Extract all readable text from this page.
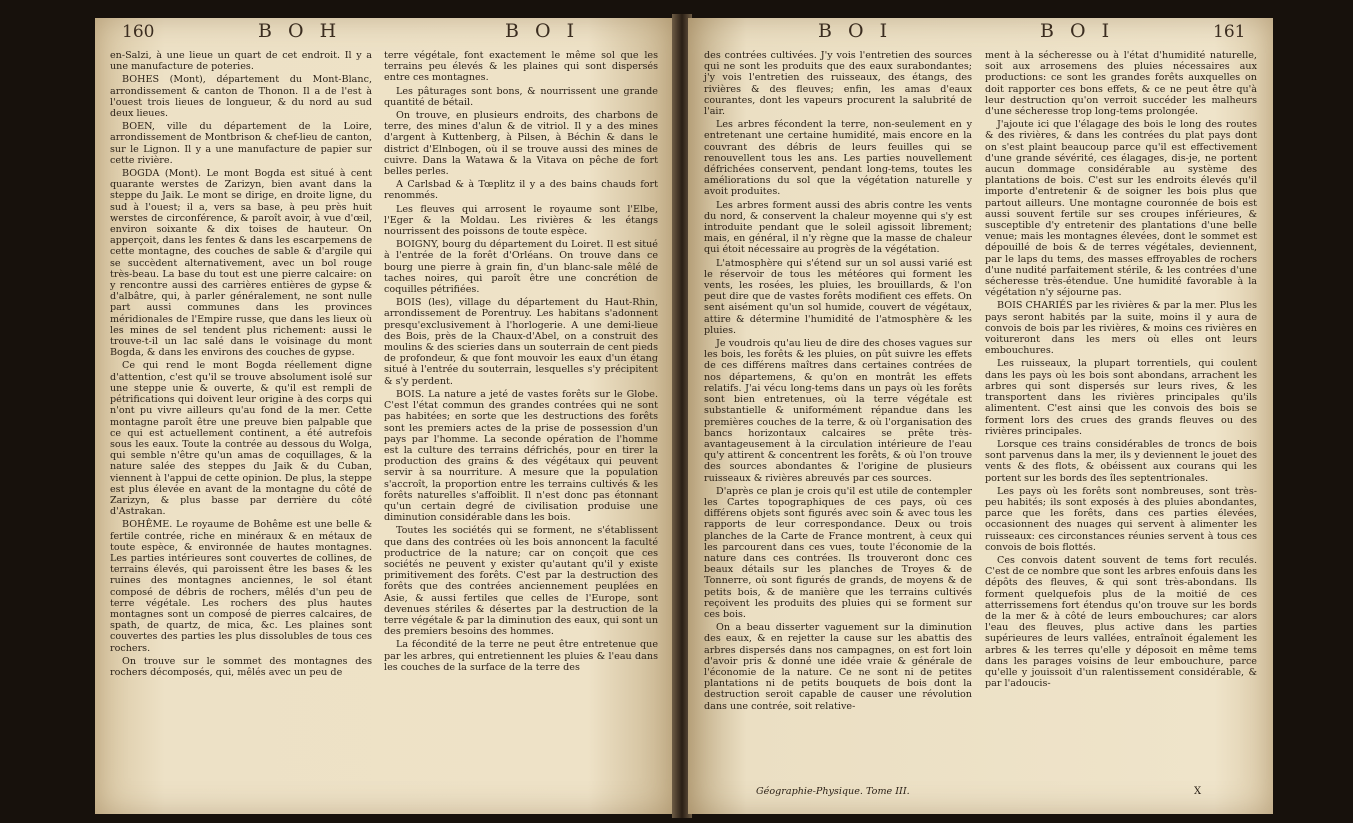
160	B O H	B O I	B O I	B O I	161

en-Salzi, à une lieue un quart de cet endroit. Il y a une manufacture de poteries.

BOHES (Mont), département du Mont-Blanc, arrondissement & canton de Thonon. Il a de l'est à l'ouest trois lieues de longueur, & du nord au sud deux lieues.

BOEN, ville du département de la Loire, arrondissement de Montbrison & chef-lieu de canton, sur le Lignon. Il y a une manufacture de papier sur cette rivière.

BOGDA (Mont). Le mont Bogda est situé à cent quarante werstes de Zarizyn, bien avant dans la steppe du Jaik. Le mont se dirige, en droite ligne, du sud à l'ouest; il a, vers sa base, à peu près huit werstes de circonférence, & paroît avoir, à vue d'œil, environ soixante & dix toises de hauteur. On apperçoit, dans les fentes & dans les escarpemens de cette montagne, des couches de sable & d'argile qui se succèdent alternativement, avec un bol rouge très-beau. La base du tout est une pierre calcaire: on y rencontre aussi des carrières entières de gypse & d'albâtre, qui, à parler généralement, ne sont nulle part aussi communes dans les provinces méridionales de l'Empire russe, que dans les lieux où les mines de sel tendent plus richement: aussi le trouve-t-il un lac salé dans le voisinage du mont Bogda, & dans les environs des couches de gypse.

Ce qui rend le mont Bogda réellement digne d'attention, c'est qu'il se trouve absolument isolé sur une steppe unie & ouverte, & qu'il est rempli de pétrifications qui doivent leur origine à des corps qui n'ont pu vivre ailleurs qu'au fond de la mer. Cette montagne paroît être une preuve bien palpable que ce qui est actuellement continent, a été autrefois sous les eaux. Toute la contrée au dessous du Wolga, qui semble n'être qu'un amas de coquillages, & la nature salée des steppes du Jaik & du Cuban, viennent à l'appui de cette opinion. De plus, la steppe est plus élevée en avant de la montagne du côté de Zarizyn, & plus basse par derrière du côté d'Astrakan.

BOHÊME. Le royaume de Bohême est une belle & fertile contrée, riche en minéraux & en métaux de toute espèce, & environnée de hautes montagnes. Les parties intérieures sont couvertes de collines, de terrains élevés, qui paroissent être les bases & les ruines des montagnes anciennes, le sol étant composé de débris de rochers, mêlés d'un peu de terre végétale. Les rochers des plus hautes montagnes sont un composé de pierres calcaires, de spath, de quartz, de mica, &c. Les plaines sont couvertes des parties les plus dissolubles de tous ces rochers.

On trouve sur le sommet des montagnes des rochers décomposés, qui, mêlés avec un peu de

terre végétale, font exactement le même sol que les terrains peu élevés & les plaines qui sont dispersés entre ces montagnes.

Les pâturages sont bons, & nourrissent une grande quantité de bétail.

On trouve, en plusieurs endroits, des charbons de terre, des mines d'alun & de vitriol. Il y a des mines d'argent à Kuttenberg, à Pilsen, à Béchin & dans le district d'Elnbogen, où il se trouve aussi des mines de cuivre. Dans la Watawa & la Vitava on pêche de fort belles perles.

A Carlsbad & à Tœplitz il y a des bains chauds fort renommés.

Les fleuves qui arrosent le royaume sont l'Elbe, l'Eger & la Moldau. Les rivières & les étangs nourrissent des poissons de toute espèce.

BOIGNY, bourg du département du Loiret. Il est situé à l'entrée de la forêt d'Orléans. On trouve dans ce bourg une pierre à grain fin, d'un blanc-sale mêlé de taches noires, qui paroît être une concrétion de coquilles pétrifiées.

BOIS (les), village du département du Haut-Rhin, arrondissement de Porentruy. Les habitans s'adonnent presqu'exclusivement à l'horlogerie. A une demi-lieue des Bois, près de la Chaux-d'Abel, on a construit des moulins & des scieries dans un souterrain de cent pieds de profondeur, & que font mouvoir les eaux d'un étang situé à l'entrée du souterrain, lesquelles s'y précipitent & s'y perdent.

BOIS. La nature a jeté de vastes forêts sur le Globe. C'est l'état commun des grandes contrées qui ne sont pas habitées; en sorte que les destructions des forêts sont les premiers actes de la prise de possession d'un pays par l'homme. La seconde opération de l'homme est la culture des terrains défrichés, pour en tirer la production des grains & des végétaux qui peuvent servir à sa nourriture. A mesure que la population s'accroît, la proportion entre les terrains cultivés & les forêts naturelles s'affoiblit. Il n'est donc pas étonnant qu'un certain degré de civilisation produise une diminution considérable dans les bois.

Toutes les sociétés qui se forment, ne s'établissent que dans des contrées où les bois annoncent la faculté productrice de la nature; car on conçoit que ces sociétés ne peuvent y exister qu'autant qu'il y existe primitivement des forêts. C'est par la destruction des forêts que des contrées anciennement peuplées en Asie, & aussi fertiles que celles de l'Europe, sont devenues stériles & désertes par la destruction de la terre végétale & par la diminution des eaux, qui sont un des premiers besoins des hommes.

La fécondité de la terre ne peut être entretenue que par les arbres, qui entretiennent les pluies & l'eau dans les couches de la surface de la terre des

des contrées cultivées. J'y vois l'entretien des sources qui ne sont les produits que des eaux surabondantes; j'y vois l'entretien des ruisseaux, des étangs, des rivières & des fleuves; enfin, les amas d'eaux courantes, dont les vapeurs procurent la salubrité de l'air.

Les arbres fécondent la terre, non-seulement en y entretenant une certaine humidité, mais encore en la couvrant des débris de leurs feuilles qui se renouvellent tous les ans. Les parties nouvellement défrichées conservent, pendant long-tems, toutes les améliorations du sol que la végétation naturelle y avoit produites.

Les arbres forment aussi des abris contre les vents du nord, & conservent la chaleur moyenne qui s'y est introduite pendant que le soleil agissoit librement; mais, en général, il n'y règne que la masse de chaleur qui étoit nécessaire au progrès de la végétation.

L'atmosphère qui s'étend sur un sol aussi varié est le réservoir de tous les météores qui forment les vents, les rosées, les pluies, les brouillards, & l'on peut dire que de vastes forêts modifient ces effets. On sent aisément qu'un sol humide, couvert de végétaux, attire & détermine l'humidité de l'atmosphère & les pluies.

Je voudrois qu'au lieu de dire des choses vagues sur les bois, les forêts & les pluies, on pût suivre les effets de ces différens maîtres dans certaines contrées de nos départemens, & qu'on en montrât les effets relatifs. J'ai vécu long-tems dans un pays où les forêts sont bien entretenues, où la terre végétale est substantielle & uniformément répandue dans les premières couches de la terre, & où l'organisation des bancs horizontaux calcaires se prête très-avantageusement à la circulation intérieure de l'eau qu'y attirent & concentrent les forêts, & où l'on trouve des sources abondantes & l'origine de plusieurs ruisseaux & rivières abreuvés par ces sources.

D'après ce plan je crois qu'il est utile de contempler les Cartes topographiques de ces pays, où ces différens objets sont figurés avec soin & avec tous les rapports de leur correspondance. Deux ou trois planches de la Carte de France montrent, à ceux qui les parcourent dans ces vues, toute l'économie de la nature dans ces contrées. Ils trouveront donc ces beaux détails sur les planches de Troyes & de Tonnerre, où sont figurés de grands, de moyens & de petits bois, & de manière que les terrains cultivés reçoivent les produits des pluies qui se forment sur ces bois.

On a beau disserter vaguement sur la diminution des eaux, & en rejetter la cause sur les abattis des arbres dispersés dans nos campagnes, on est fort loin d'avoir pris & donné une idée vraie & générale de l'économie de la nature. Ce ne sont ni de petites plantations ni de petits bouquets de bois dont la destruction seroit capable de causer une révolution dans une contrée, soit relative-

ment à la sécheresse ou à l'état d'humidité naturelle, soit aux arrosemens des pluies nécessaires aux productions: ce sont les grandes forêts auxquelles on doit rapporter ces bons effets, & ce ne peut être qu'à leur destruction qu'on verroit succéder les malheurs d'une sécheresse trop long-tems prolongée.

J'ajoute ici que l'élagage des bois le long des routes & des rivières, & dans les contrées du plat pays dont on s'est plaint beaucoup parce qu'il est effectivement d'une grande sévérité, ces élagages, dis-je, ne portent aucun dommage considérable au système des plantations de bois. C'est sur les endroits élevés qu'il importe d'entretenir & de soigner les bois plus que partout ailleurs. Une montagne couronnée de bois est aussi souvent fertile sur ses croupes inférieures, & susceptible d'y entretenir des plantations d'une belle venue; mais les montagnes élevées, dont le sommet est dépouillé de bois & de terres végétales, deviennent, par le laps du tems, des masses effroyables de rochers d'une nudité parfaitement stérile, & les contrées d'une sécheresse très-étendue. Une humidité favorable à la végétation n'y séjourne pas.

BOIS CHARIÉS par les rivières & par la mer. Plus les pays seront habités par la suite, moins il y aura de convois de bois par les rivières, & moins ces rivières en voitureront dans les mers où elles ont leurs embouchures.

Les ruisseaux, la plupart torrentiels, qui coulent dans les pays où les bois sont abondans, arrachent les arbres qui sont dispersés sur leurs rives, & les transportent dans les rivières principales qu'ils alimentent. C'est ainsi que les convois des bois se forment lors des crues des grands fleuves ou des rivières principales.

Lorsque ces trains considérables de troncs de bois sont parvenus dans la mer, ils y deviennent le jouet des vents & des flots, & obéissent aux courans qui les portent sur les bords des îles septentrionales.

Les pays où les forêts sont nombreuses, sont très-peu habités; ils sont exposés à des pluies abondantes, parce que les forêts, dans ces parties élevées, occasionnent des nuages qui servent à alimenter les ruisseaux: ces circonstances réunies servent à tous ces convois de bois flottés.

Ces convois datent souvent de tems fort reculés. C'est de ce nombre que sont les arbres enfouis dans les dépôts des fleuves, & qui sont très-abondans. Ils forment quelquefois plus de la moitié de ces atterrissemens fort étendus qu'on trouve sur les bords de la mer & à côté de leurs embouchures; car alors l'eau des fleuves, plus active dans les parties supérieures de leurs vallées, entraînoit également les arbres & les terres qu'elle y déposoit en même tems dans les parages voisins de leur embouchure, parce qu'elle y jouissoit d'un ralentissement considérable, & par l'adoucis-

Géographie-Physique. Tome III.	X
